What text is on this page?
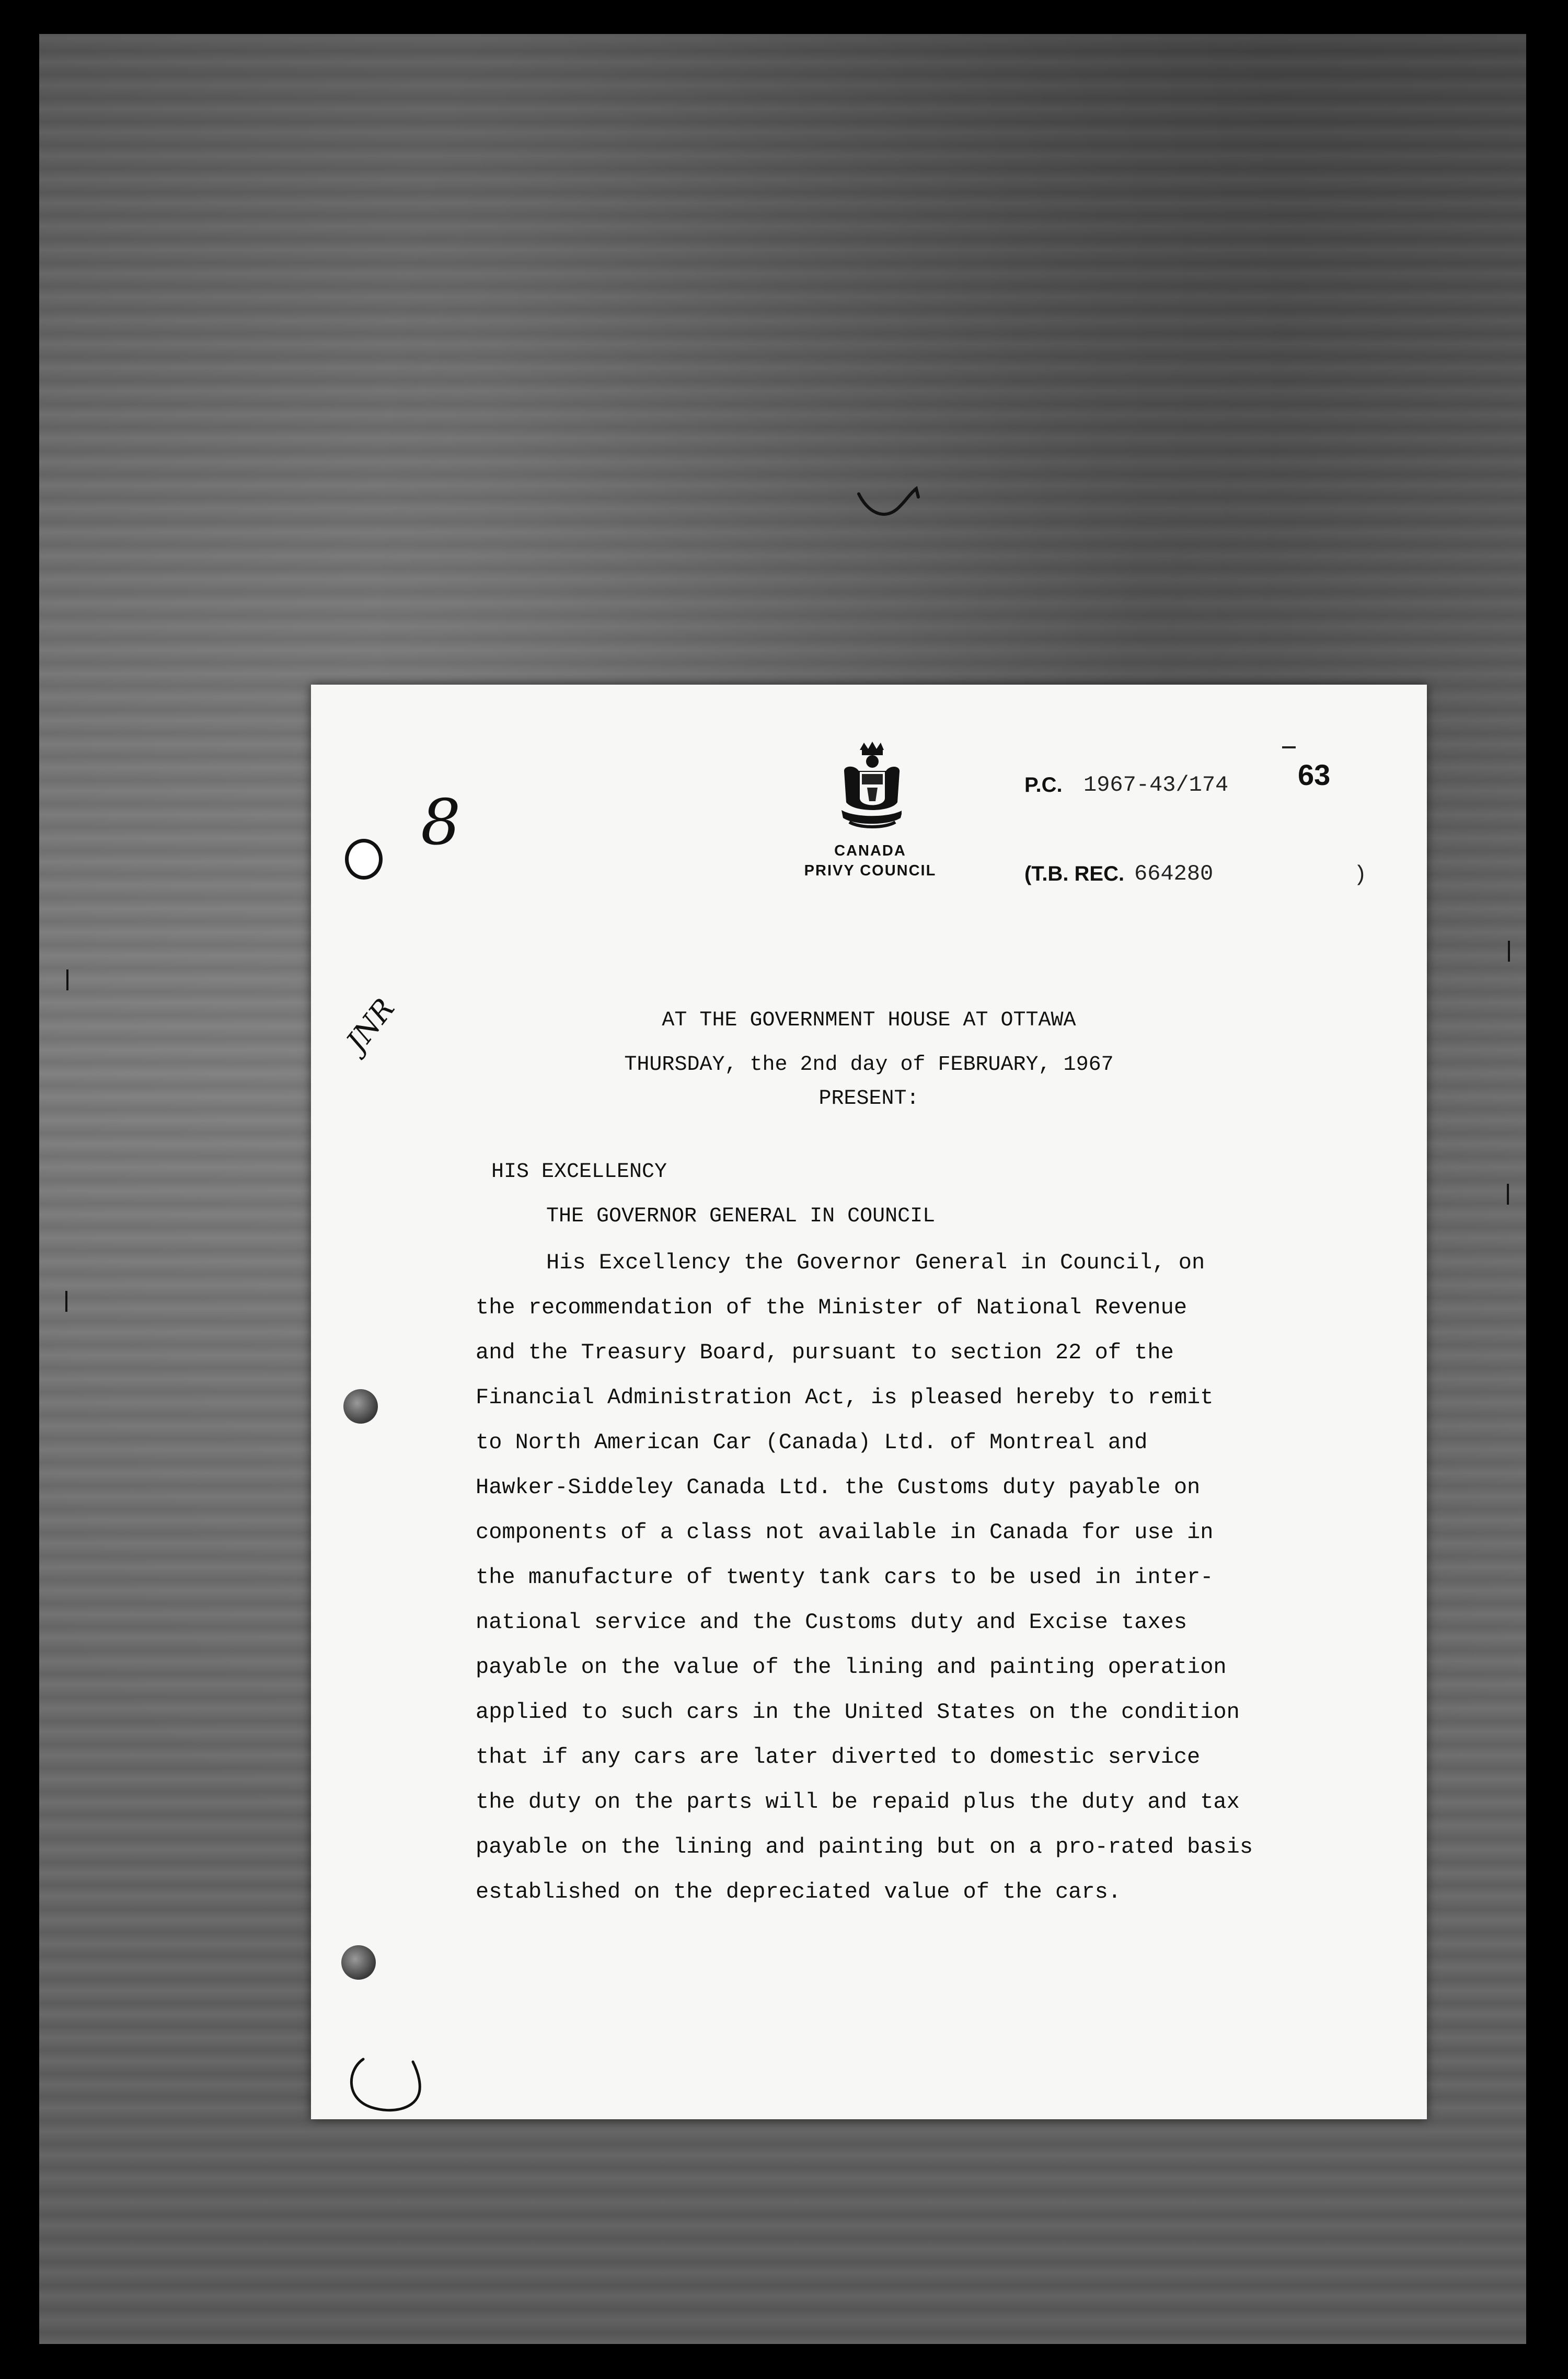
8
JNR
CANADA
PRIVY COUNCIL
P.C. 1967-43/174
(T.B. REC. 664280	)
63
AT THE GOVERNMENT HOUSE AT OTTAWA
THURSDAY, the 2nd day of FEBRUARY, 1967
PRESENT:
HIS EXCELLENCY
THE GOVERNOR GENERAL IN COUNCIL
His Excellency the Governor General in Council, on
the recommendation of the Minister of National Revenue
and the Treasury Board, pursuant to section 22 of the
Financial Administration Act, is pleased hereby to remit
to North American Car (Canada) Ltd. of Montreal and
Hawker-Siddeley Canada Ltd. the Customs duty payable on
components of a class not available in Canada for use in
the manufacture of twenty tank cars to be used in inter-
national service and the Customs duty and Excise taxes
payable on the value of the lining and painting operation
applied to such cars in the United States on the condition
that if any cars are later diverted to domestic service
the duty on the parts will be repaid plus the duty and tax
payable on the lining and painting but on a pro-rated basis
established on the depreciated value of the cars.
